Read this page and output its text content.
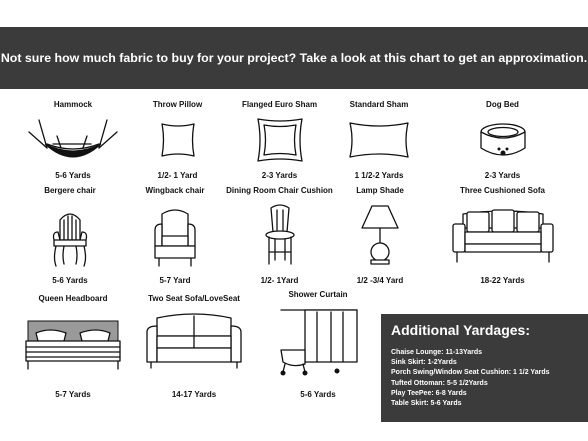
Not sure how much fabric to buy for your project? Take a look at this chart to get an approximation.
Hammock
5-6 Yards
Throw Pillow
1/2- 1 Yard
Flanged Euro Sham
2-3 Yards
Standard Sham
1 1/2-2 Yards
Dog Bed
2-3 Yards
Bergere chair
5-6 Yards
Wingback chair
5-7 Yard
Dining Room Chair Cushion
1/2- 1Yard
Lamp Shade
1/2 -3/4 Yard
Three Cushioned Sofa
18-22 Yards
Queen Headboard
5-7 Yards
Two Seat Sofa/LoveSeat
14-17 Yards
Shower Curtain
5-6 Yards
Additional Yardages:
Chaise Lounge: 11-13Yards
Sink Skirt: 1-2Yards
Porch Swing/Window Seat Cushion: 1 1/2 Yards
Tufted Ottoman: 5-5 1/2Yards
Play TeePee: 6-8 Yards
Table Skirt: 5-6 Yards
